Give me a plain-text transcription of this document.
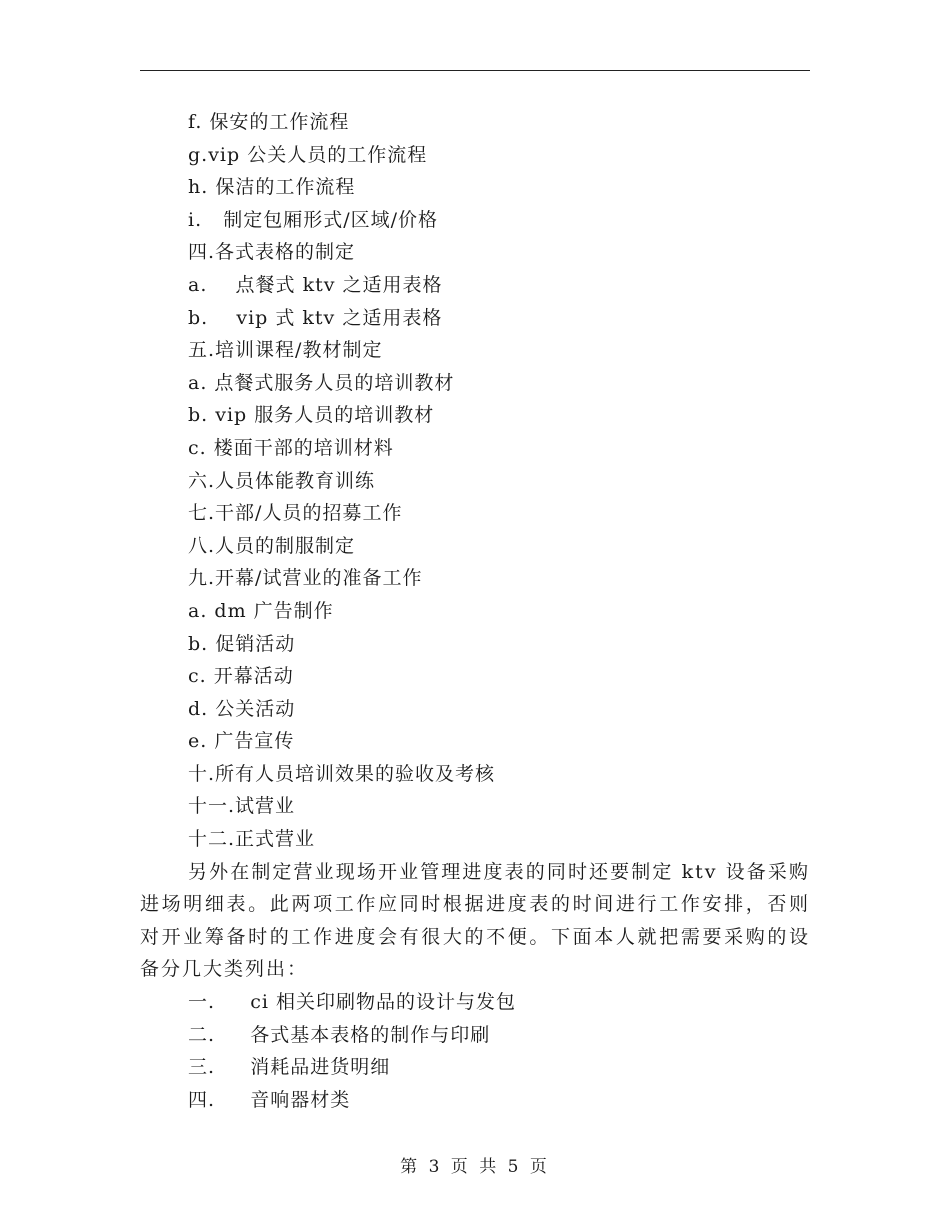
f. 保安的工作流程
g.vip 公关人员的工作流程
h. 保洁的工作流程
i.   制定包厢形式/区域/价格
四.各式表格的制定
a.    点餐式 ktv 之适用表格
b.    vip 式 ktv 之适用表格
五.培训课程/教材制定
a. 点餐式服务人员的培训教材
b. vip 服务人员的培训教材
c. 楼面干部的培训材料
六.人员体能教育训练
七.干部/人员的招募工作
八.人员的制服制定
九.开幕/试营业的准备工作
a. dm 广告制作
b. 促销活动
c. 开幕活动
d. 公关活动
e. 广告宣传
十.所有人员培训效果的验收及考核
十一.试营业
十二.正式营业
另外在制定营业现场开业管理进度表的同时还要制定 ktv 设备采购进场明细表。此两项工作应同时根据进度表的时间进行工作安排，否则对开业筹备时的工作进度会有很大的不便。下面本人就把需要采购的设备分几大类列出：
一.     ci 相关印刷物品的设计与发包
二.     各式基本表格的制作与印刷
三.     消耗品进货明细
四.     音响器材类
第 3 页 共 5 页
